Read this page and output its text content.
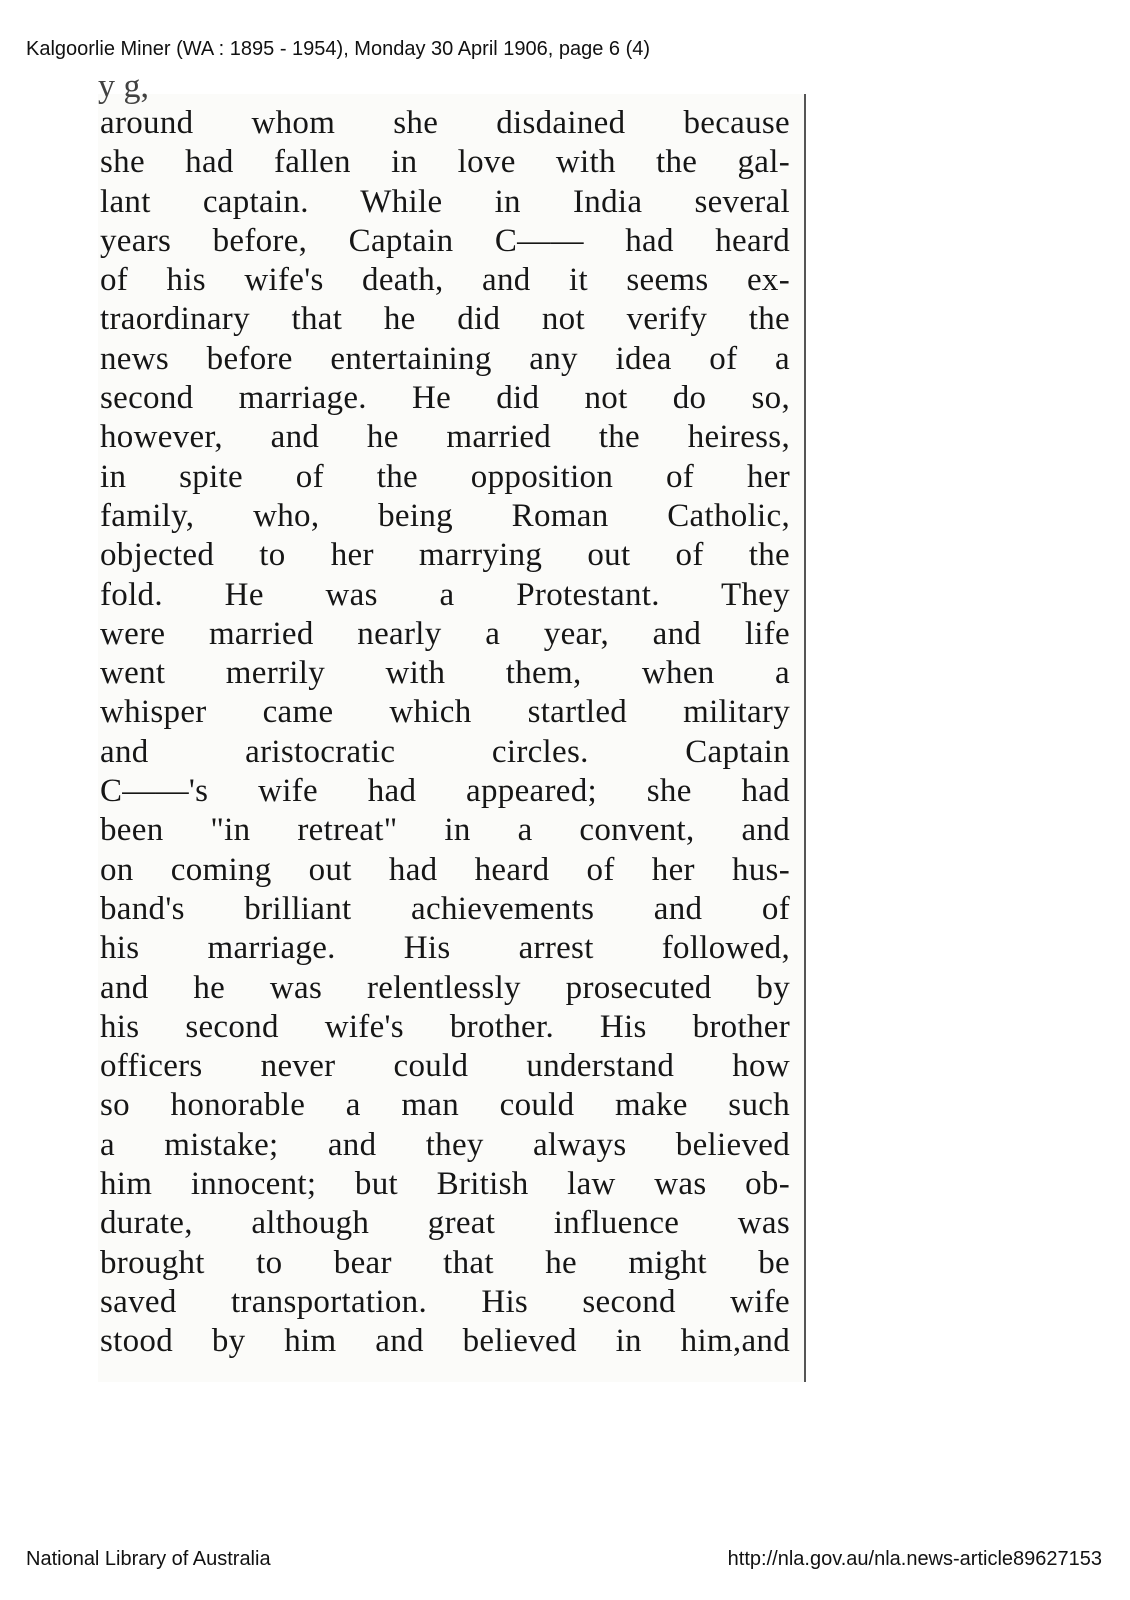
Kalgoorlie Miner (WA : 1895 - 1954), Monday 30 April 1906, page 6 (4)
y g,
around whom she disdained because
she had fallen in love with the gal-
lant captain. While in India several
years before, Captain C—— had heard
of his wife's death, and it seems ex-
traordinary that he did not verify the
news before entertaining any idea of a
second marriage. He did not do so,
however, and he married the heiress,
in spite of the opposition of her
family, who, being Roman Catholic,
objected to her marrying out of the
fold. He was a Protestant. They
were married nearly a year, and life
went merrily with them, when a
whisper came which startled military
and aristocratic circles. Captain
C——'s wife had appeared; she had
been "in retreat" in a convent, and
on coming out had heard of her hus-
band's brilliant achievements and of
his marriage. His arrest followed,
and he was relentlessly prosecuted by
his second wife's brother. His brother
officers never could understand how
so honorable a man could make such
a mistake; and they always believed
him innocent; but British law was ob-
durate, although great influence was
brought to bear that he might be
saved transportation. His second wife
stood by him and believed in him,and
National Library of Australia	http://nla.gov.au/nla.news-article89627153
